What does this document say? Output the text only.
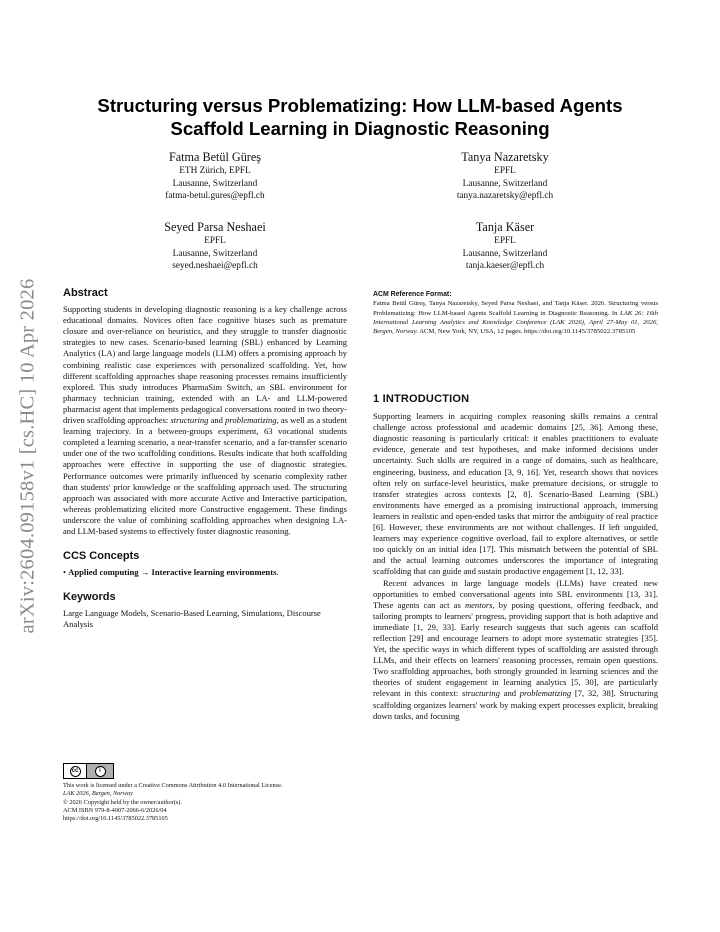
arXiv:2604.09158v1 [cs.HC] 10 Apr 2026
Structuring versus Problematizing: How LLM-based Agents
Scaffold Learning in Diagnostic Reasoning
Fatma Betül Güreş
ETH Zürich, EPFL
Lausanne, Switzerland
fatma-betul.gures@epfl.ch
Tanya Nazaretsky
EPFL
Lausanne, Switzerland
tanya.nazaretsky@epfl.ch
Seyed Parsa Neshaei
EPFL
Lausanne, Switzerland
seyed.neshaei@epfl.ch
Tanja Käser
EPFL
Lausanne, Switzerland
tanja.kaeser@epfl.ch
Abstract

Supporting students in developing diagnostic reasoning is a key challenge across educational domains. Novices often face cognitive biases such as premature closure and over-reliance on heuristics, and they struggle to transfer diagnostic strategies to new cases. Scenario-based learning (SBL) enhanced by Learning Analytics (LA) and large language models (LLM) offers a promising approach by combining realistic case experiences with personalized scaffolding. Yet, how different scaffolding approaches shape reasoning processes remains insufficiently explored. This study introduces PharmaSim Switch, an SBL environment for pharmacy technician training, extended with an LA- and LLM-powered pharmacist agent that implements pedagogical conversations rooted in two theory-driven scaffolding approaches: structuring and problematizing, as well as a student learning trajectory. In a between-groups experiment, 63 vocational students completed a learning scenario, a near-transfer scenario, and a far-transfer scenario under one of the two scaffolding conditions. Results indicate that both scaffolding approaches were effective in supporting the use of diagnostic strategies. Performance outcomes were primarily influenced by scenario complexity rather than students' prior knowledge or the scaffolding approach used. The structuring approach was associated with more accurate Active and Interactive participation, whereas problematizing elicited more Constructive engagement. These findings underscore the value of combining scaffolding approaches when designing LA- and LLM-based systems to effectively foster diagnostic reasoning.

CCS Concepts

• Applied computing → Interactive learning environments.

Keywords

Large Language Models, Scenario-Based Learning, Simulations, Discourse Analysis

cc	i
This work is licensed under a Creative Commons Attribution 4.0 International License.
LAK 2026, Bergen, Norway
© 2026 Copyright held by the owner/author(s).
ACM ISBN 979-8-4007-2066-6/2026/04
https://doi.org/10.1145/3785022.3785105
ACM Reference Format:
Fatma Betül Güreş, Tanya Nazaretsky, Seyed Parsa Neshaei, and Tanja Käser. 2026. Structuring versus Problematizing: How LLM-based Agents Scaffold Learning in Diagnostic Reasoning. In LAK 26: 16th International Learning Analytics and Knowledge Conference (LAK 2026), April 27-May 01, 2026, Bergen, Norway. ACM, New York, NY, USA, 12 pages. https://doi.org/10.1145/3785022.3785105
1 INTRODUCTION

Supporting learners in acquiring complex reasoning skills remains a central challenge across professional and academic domains [25, 36]. Among these, diagnostic reasoning is particularly critical: it enables practitioners to evaluate evidence, generate and test hypotheses, and make informed decisions under uncertainty. Such skills are required in a range of domains, such as healthcare, engineering, business, and education [3, 9, 16]. Yet, research shows that novices often rely on surface-level heuristics, make premature decisions, or struggle to transfer strategies across contexts [2, 8]. Scenario-Based Learning (SBL) environments have emerged as a promising instructional approach, immersing learners in realistic and open-ended tasks that mirror the ambiguity of real practice [6]. However, these environments are not without challenges. If left unguided, learners may experience cognitive overload, fail to explore alternatives, or settle too quickly on an initial idea [17]. This mismatch between the potential of SBL and the actual learning outcomes underscores the importance of integrating scaffolding that can guide and sustain productive engagement [1, 12, 33].

Recent advances in large language models (LLMs) have created new opportunities to embed conversational agents into SBL environments [13, 31]. These agents can act as mentors, by posing questions, offering feedback, and tailoring prompts to learners' progress, providing support that is both adaptive and immediate [1, 29, 33]. Early research suggests that such agents can scaffold reflection [29] and encourage learners to adopt more systematic strategies [35]. Yet, the specific ways in which different types of scaffolding are assisted through LLMs, and their effects on learners' reasoning processes, remain open questions. Two scaffolding approaches, both strongly grounded in learning sciences and the theories of student engagement in learning analytics [5, 30], are particularly relevant in this context: structuring and problematizing [7, 32, 38]. Structuring scaffolding organizes learners' work by making expert processes explicit, breaking down tasks, and focusing
